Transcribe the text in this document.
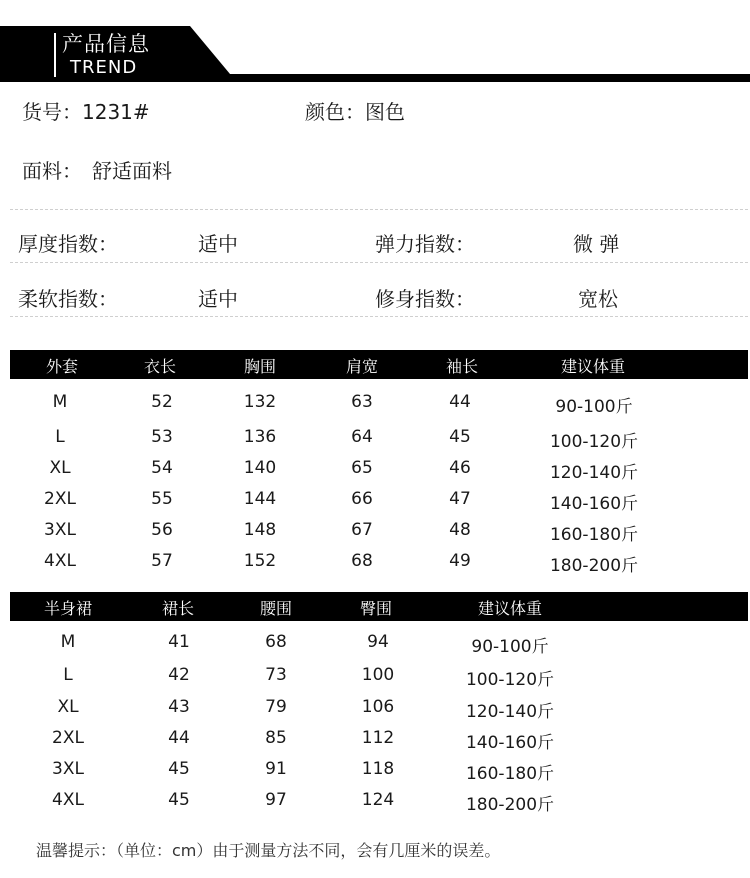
产品信息
TREND
货号：1231#	颜色：图色
面料： 舒适面料
厚度指数：	适中	弹力指数：	微 弹
柔软指数：	适中	修身指数：	宽松
外套	衣长	胸围	肩宽	袖长	建议体重
M	52	132	63	44	90-100斤
L	53	136	64	45	100-120斤
XL	54	140	65	46	120-140斤
2XL	55	144	66	47	140-160斤
3XL	56	148	67	48	160-180斤
4XL	57	152	68	49	180-200斤
半身裙	裙长	腰围	臀围	建议体重
M	41	68	94	90-100斤
L	42	73	100	100-120斤
XL	43	79	106	120-140斤
2XL	44	85	112	140-160斤
3XL	45	91	118	160-180斤
4XL	45	97	124	180-200斤
温馨提示：（单位：cm）由于测量方法不同，会有几厘米的误差。
